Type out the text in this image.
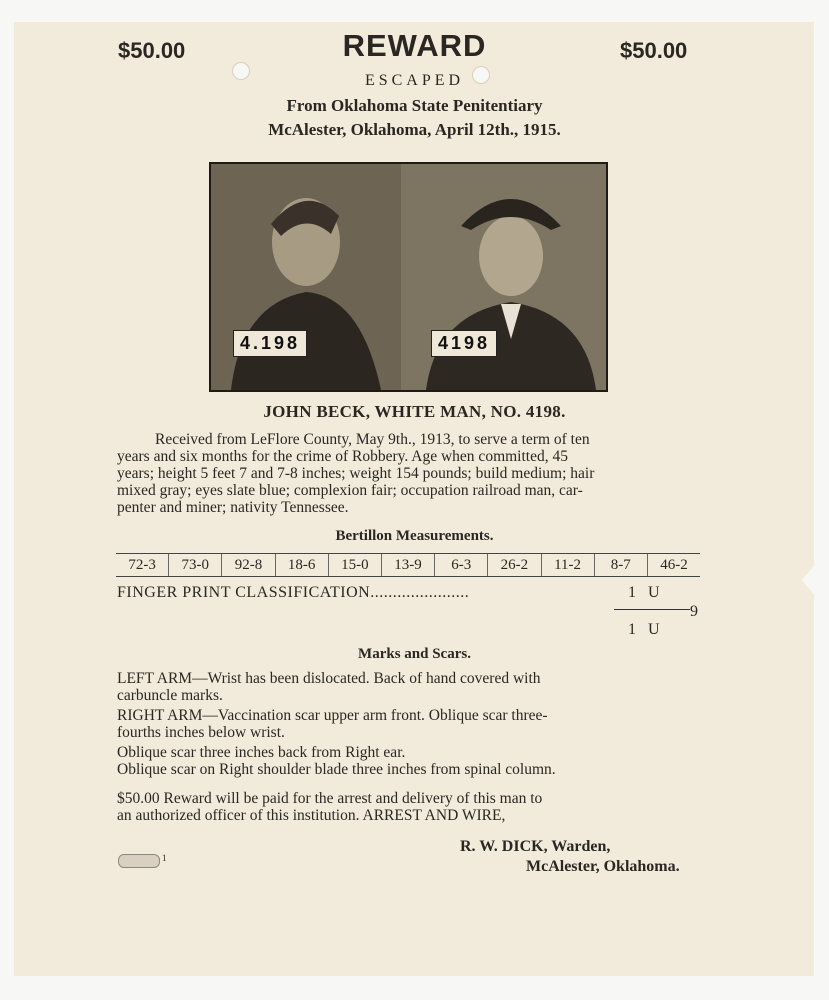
$50.00	$50.00
REWARD
ESCAPED
From Oklahoma State Penitentiary
McAlester, Oklahoma, April 12th., 1915.
4.198	4198
JOHN BECK, WHITE MAN, NO. 4198.
Received from LeFlore County, May 9th., 1913, to serve a term of ten
years and six months for the crime of Robbery. Age when committed, 45
years; height 5 feet 7 and 7-8 inches; weight 154 pounds; build medium; hair
mixed gray; eyes slate blue; complexion fair; occupation railroad man, car-
penter and miner; nativity Tennessee.
Bertillon Measurements.
72-3	73-0	92-8	18-6	15-0	13-9	6-3	26-2	11-2	8-7	46-2
FINGER PRINT CLASSIFICATION......................	1   U
9
1   U
Marks and Scars.
LEFT ARM—Wrist has been dislocated. Back of hand covered with
carbuncle marks.
RIGHT ARM—Vaccination scar upper arm front. Oblique scar three-
fourths inches below wrist.
Oblique scar three inches back from Right ear.
Oblique scar on Right shoulder blade three inches from spinal column.
$50.00 Reward will be paid for the arrest and delivery of this man to
an authorized officer of this institution. ARREST AND WIRE,
R. W. DICK, Warden,
McAlester, Oklahoma.
1
